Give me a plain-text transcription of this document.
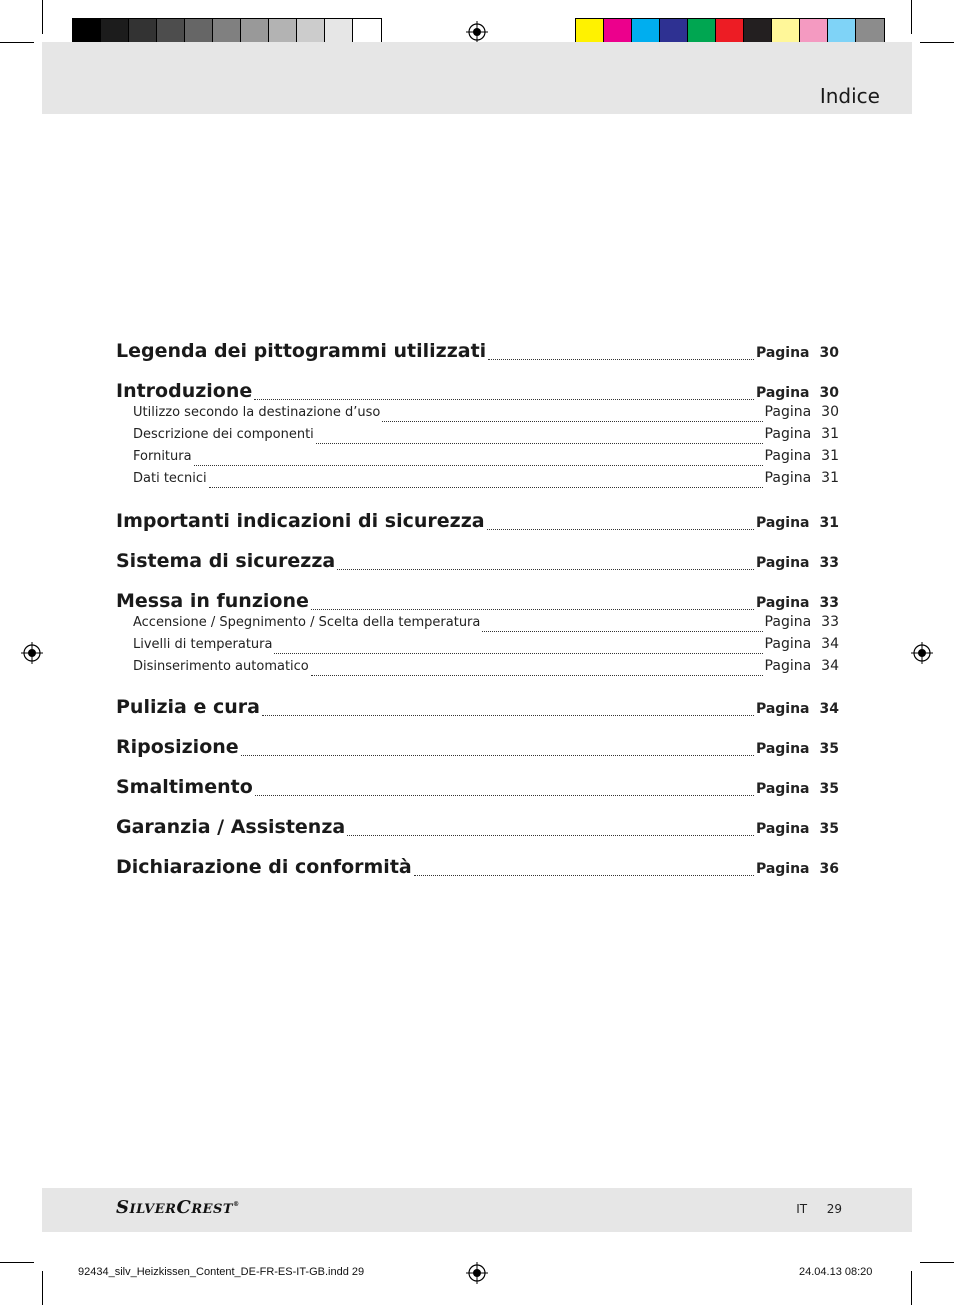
Indice
Legenda dei pittogrammi utilizzati	Pagina 30
Introduzione	Pagina 30
Utilizzo secondo la destinazione d’uso	Pagina 30
Descrizione dei componenti	Pagina 31
Fornitura	Pagina 31
Dati tecnici	Pagina 31
Importanti indicazioni di sicurezza	Pagina 31
Sistema di sicurezza	Pagina 33
Messa in funzione	Pagina 33
Accensione / Spegnimento / Scelta della temperatura	Pagina 33
Livelli di temperatura	Pagina 34
Disinserimento automatico	Pagina 34
Pulizia e cura	Pagina 34
Riposizione	Pagina 35
Smaltimento	Pagina 35
Garanzia / Assistenza	Pagina 35
Dichiarazione di conformità	Pagina 36
SILVERCREST®	IT 29
92434_silv_Heizkissen_Content_DE-FR-ES-IT-GB.indd 29	24.04.13 08:20
